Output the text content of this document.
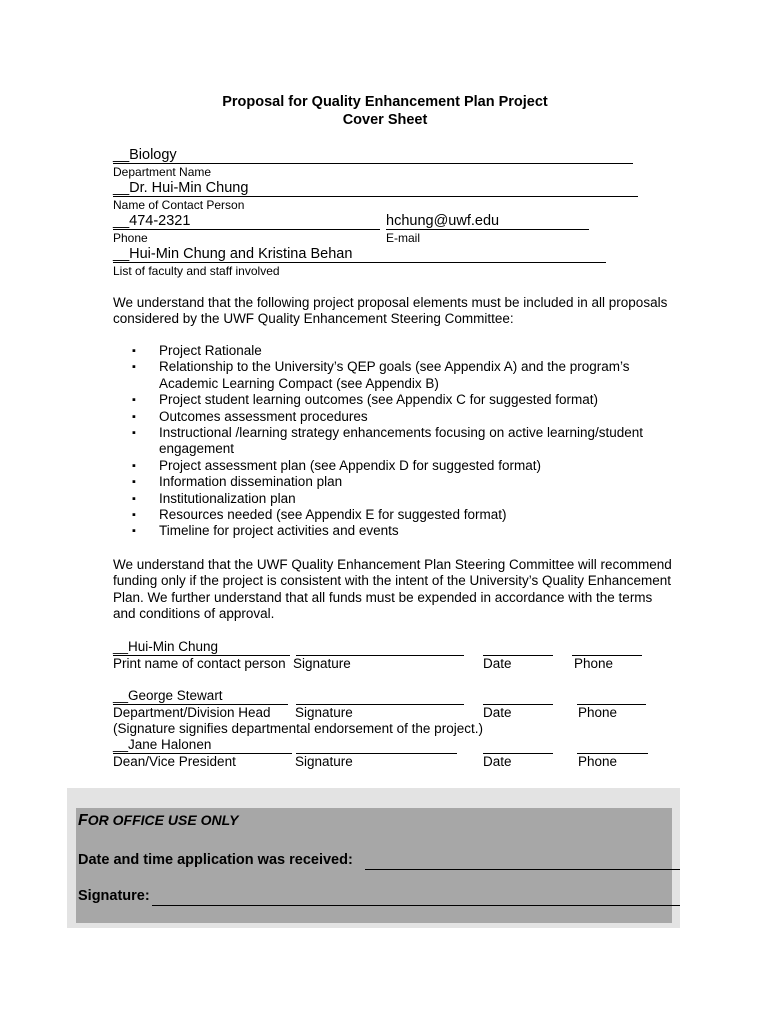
Proposal for Quality Enhancement Plan Project
Cover Sheet
__Biology
Department Name
__Dr. Hui-Min Chung
Name of Contact Person
__474-2321	hchung@uwf.edu
Phone	E-mail
__Hui-Min Chung and Kristina Behan
List of faculty and staff involved
We understand that the following project proposal elements must be included in all proposals considered by the UWF Quality Enhancement Steering Committee:
▪ Project Rationale
▪ Relationship to the University’s QEP goals (see Appendix A) and the program’s Academic Learning Compact (see Appendix B)
▪ Project student learning outcomes (see Appendix C for suggested format)
▪ Outcomes assessment procedures
▪ Instructional /learning strategy enhancements focusing on active learning/student engagement
▪ Project assessment plan (see Appendix D for suggested format)
▪ Information dissemination plan
▪ Institutionalization plan
▪ Resources needed (see Appendix E for suggested format)
▪ Timeline for project activities and events
We understand that the UWF Quality Enhancement Plan Steering Committee will recommend funding only if the project is consistent with the intent of the University’s Quality Enhancement Plan. We further understand that all funds must be expended in accordance with the terms and conditions of approval.
__Hui-Min Chung
Print name of contact person Signature	Date	Phone
__George Stewart
Department/Division Head Signature	Date	Phone
(Signature signifies departmental endorsement of the project.)
__Jane Halonen
Dean/Vice President	Signature	Date	Phone
FOR OFFICE USE ONLY
Date and time application was received:
Signature:
